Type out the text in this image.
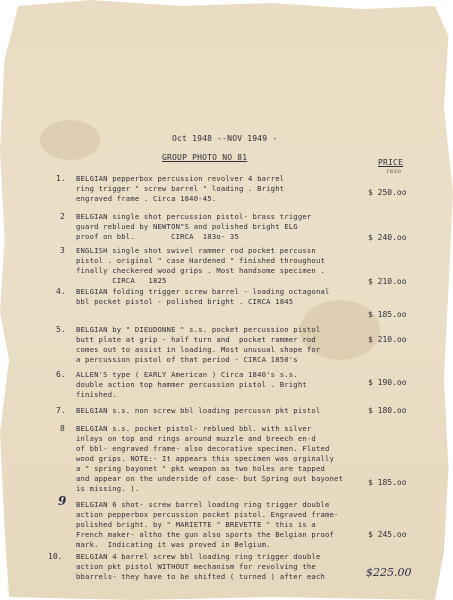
Oct 1948 --NOV 1949 -
GROUP PHOTO NO 81
PRICE
reso
1. BELGIAN pepperbox percussion revolver 4 barrel
ring trigger " screw barrel " loading . Bright
engraved frame . Circa 1840-45.
$ 250.oo
2 BELGIAN single shot percussion pistol- brass trigger
guard reblued by NEWTON"S and polished bright ELG
proof on bbl.        CIRCA  183o- 35	$ 240.oo
3 ENGLISH single shot swivel rammer rod pocket percussn
pistol . original " case Hardened " finished throughout
finally checkered wood grips . Most handsome specimen .
CIRCA   1825	$ 210.oo
4. BELGIAN folding trigger screw barrel - loading octagonal
bbl pocket pistol - polished bright . CIRCA 1845
$ 185.oo
5. BELGIAN by " DIEUDONNE " s.s. pocket percussion pistol
butt plate at grip - half turn and  pocket rammer rod
comes out to assist in loading. Most unusual shape for
a percussion pistol of that period - CIRCA 1850's
$ 210.oo
6. ALLEN'S type ( EARLY American ) Circa 1840's s.s.
double action top hammer percussion pistol . Bright
finished.
$ 190.oo
7. BELGIAN s.s. non screw bbl loading percussn pkt pistol	$ 180.oo
8 BELGIAN s.s. pocket pistol- reblued bbl. with silver
inlays on top and rings around muzzle and breech en-d
of bbl- engraved frame- also decorative specimen. Fluted
wood grips. NOTE:- It appears this specimen was orginally
a " spring bayonet " pkt weapon as two holes are tapped
and appear on the underside of case- but Spring out bayonet
is missing. ).
$ 185.oo
9 BELGIAN 6 shot- screw barrel loading ring trigger double
action pepperbox percussion pocket pistol. Engraved frame-
polished bright. by " MARIETTE " BREVETTE " this is a
French maker- altho the gun also sports the Belgian proof
mark.  Indicating it was proved in Belgium.
$ 245.oo
10. BELGIAN 4 barrel screw bbl loading ring trigger double
action pkt pistol WITHOUT mechanism for revolving the
bbarrels- they have to be shifted ( turned ) after each	$225.00
